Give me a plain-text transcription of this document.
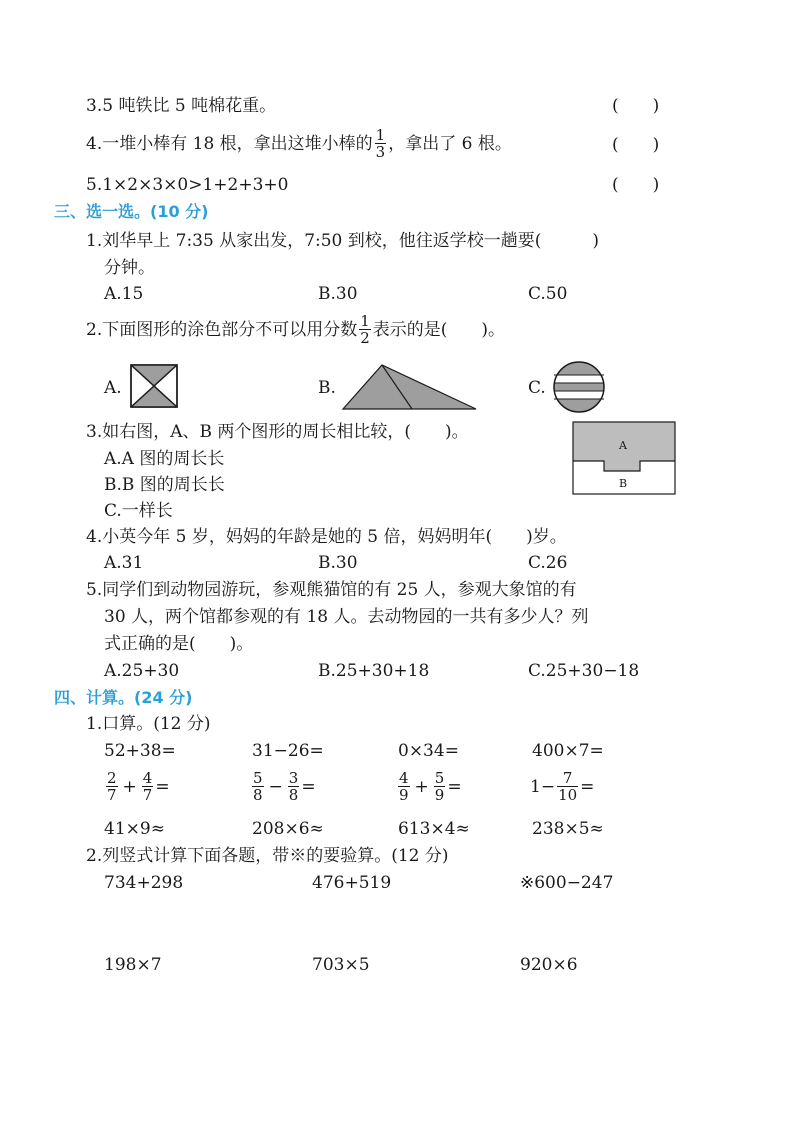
3.5 吨铁比 5 吨棉花重。	(　　)
4.一堆小棒有 18 根，拿出这堆小棒的 $\frac{1}{3}$ ，拿出了 6 根。	(　　)
5.1×2×3×0>1+2+3+0	(　　)
三、选一选。(10 分)
1.刘华早上 7:35 从家出发，7:50 到校，他往返学校一趟要(　　　)
分钟。
A.15	B.30	C.50
2.下面图形的涂色部分不可以用分数 $\frac{1}{2}$ 表示的是(　　)。
A.	B.	C.
3.如右图，A、B 两个图形的周长相比较，(　　)。
A.A 图的周长长
B.B 图的周长长
C.一样长
A
B
4.小英今年 5 岁，妈妈的年龄是她的 5 倍，妈妈明年(　　)岁。
A.31	B.30	C.26
5.同学们到动物园游玩，参观熊猫馆的有 25 人，参观大象馆的有
30 人，两个馆都参观的有 18 人。去动物园的一共有多少人？列
式正确的是(　　)。
A.25+30	B.25+30+18	C.25+30−18
四、计算。(24 分)
1.口算。(12 分)
52+38=	31−26=	0×34=	400×7=
$\frac{2}{7} + \frac{4}{7}$ =	$\frac{5}{8} - \frac{3}{8}$ =	$\frac{4}{9} + \frac{5}{9}$ =	$1- \frac{7}{10}$ =
41×9≈	208×6≈	613×4≈	238×5≈
2.列竖式计算下面各题，带※的要验算。(12 分)
734+298	476+519	※600−247
198×7	703×5	920×6
